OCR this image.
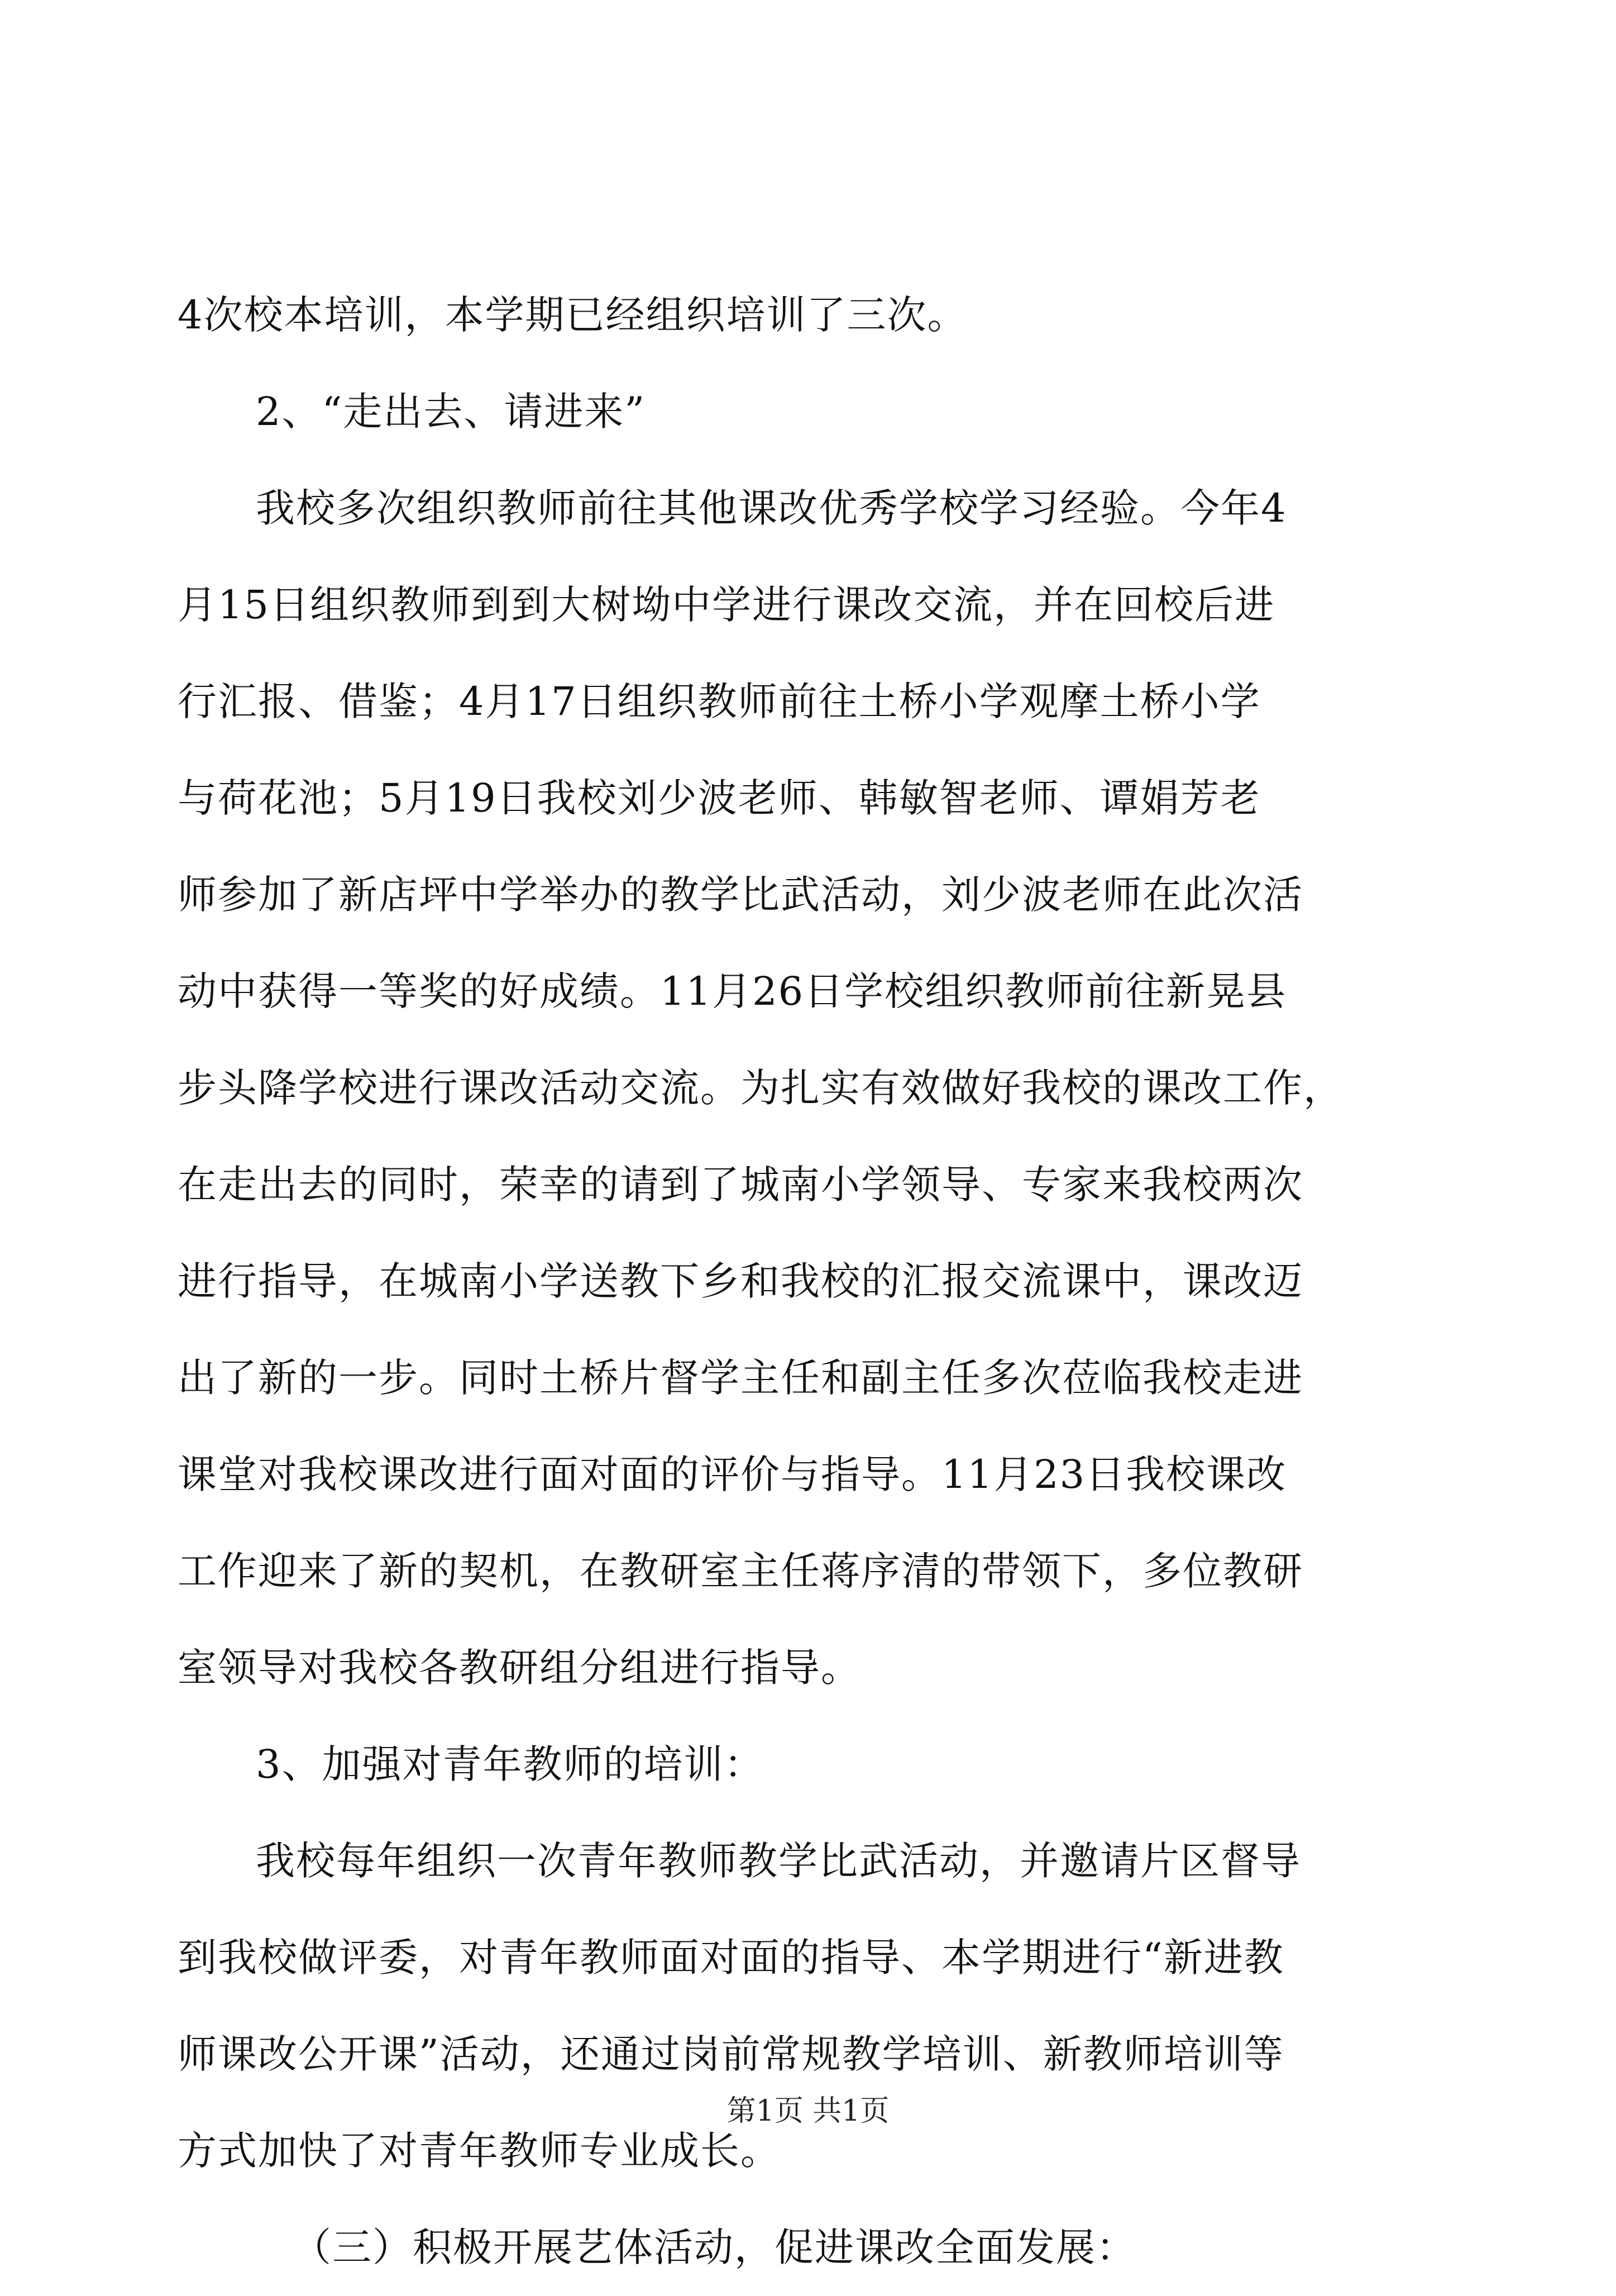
4次校本培训，本学期已经组织培训了三次。
2、“走出去、请进来”
我校多次组织教师前往其他课改优秀学校学习经验。今年4
月15日组织教师到到大树坳中学进行课改交流，并在回校后进
行汇报、借鉴；4月17日组织教师前往土桥小学观摩土桥小学
与荷花池；5月19日我校刘少波老师、韩敏智老师、谭娟芳老
师参加了新店坪中学举办的教学比武活动，刘少波老师在此次活
动中获得一等奖的好成绩。11月26日学校组织教师前往新晃县
步头降学校进行课改活动交流。为扎实有效做好我校的课改工作，
在走出去的同时，荣幸的请到了城南小学领导、专家来我校两次
进行指导，在城南小学送教下乡和我校的汇报交流课中，课改迈
出了新的一步。同时土桥片督学主任和副主任多次莅临我校走进
课堂对我校课改进行面对面的评价与指导。11月23日我校课改
工作迎来了新的契机，在教研室主任蒋序清的带领下，多位教研
室领导对我校各教研组分组进行指导。
3、加强对青年教师的培训：
我校每年组织一次青年教师教学比武活动，并邀请片区督导
到我校做评委，对青年教师面对面的指导、本学期进行“新进教
师课改公开课”活动，还通过岗前常规教学培训、新教师培训等
方式加快了对青年教师专业成长。
（三）积极开展艺体活动，促进课改全面发展：
第1页 共1页
